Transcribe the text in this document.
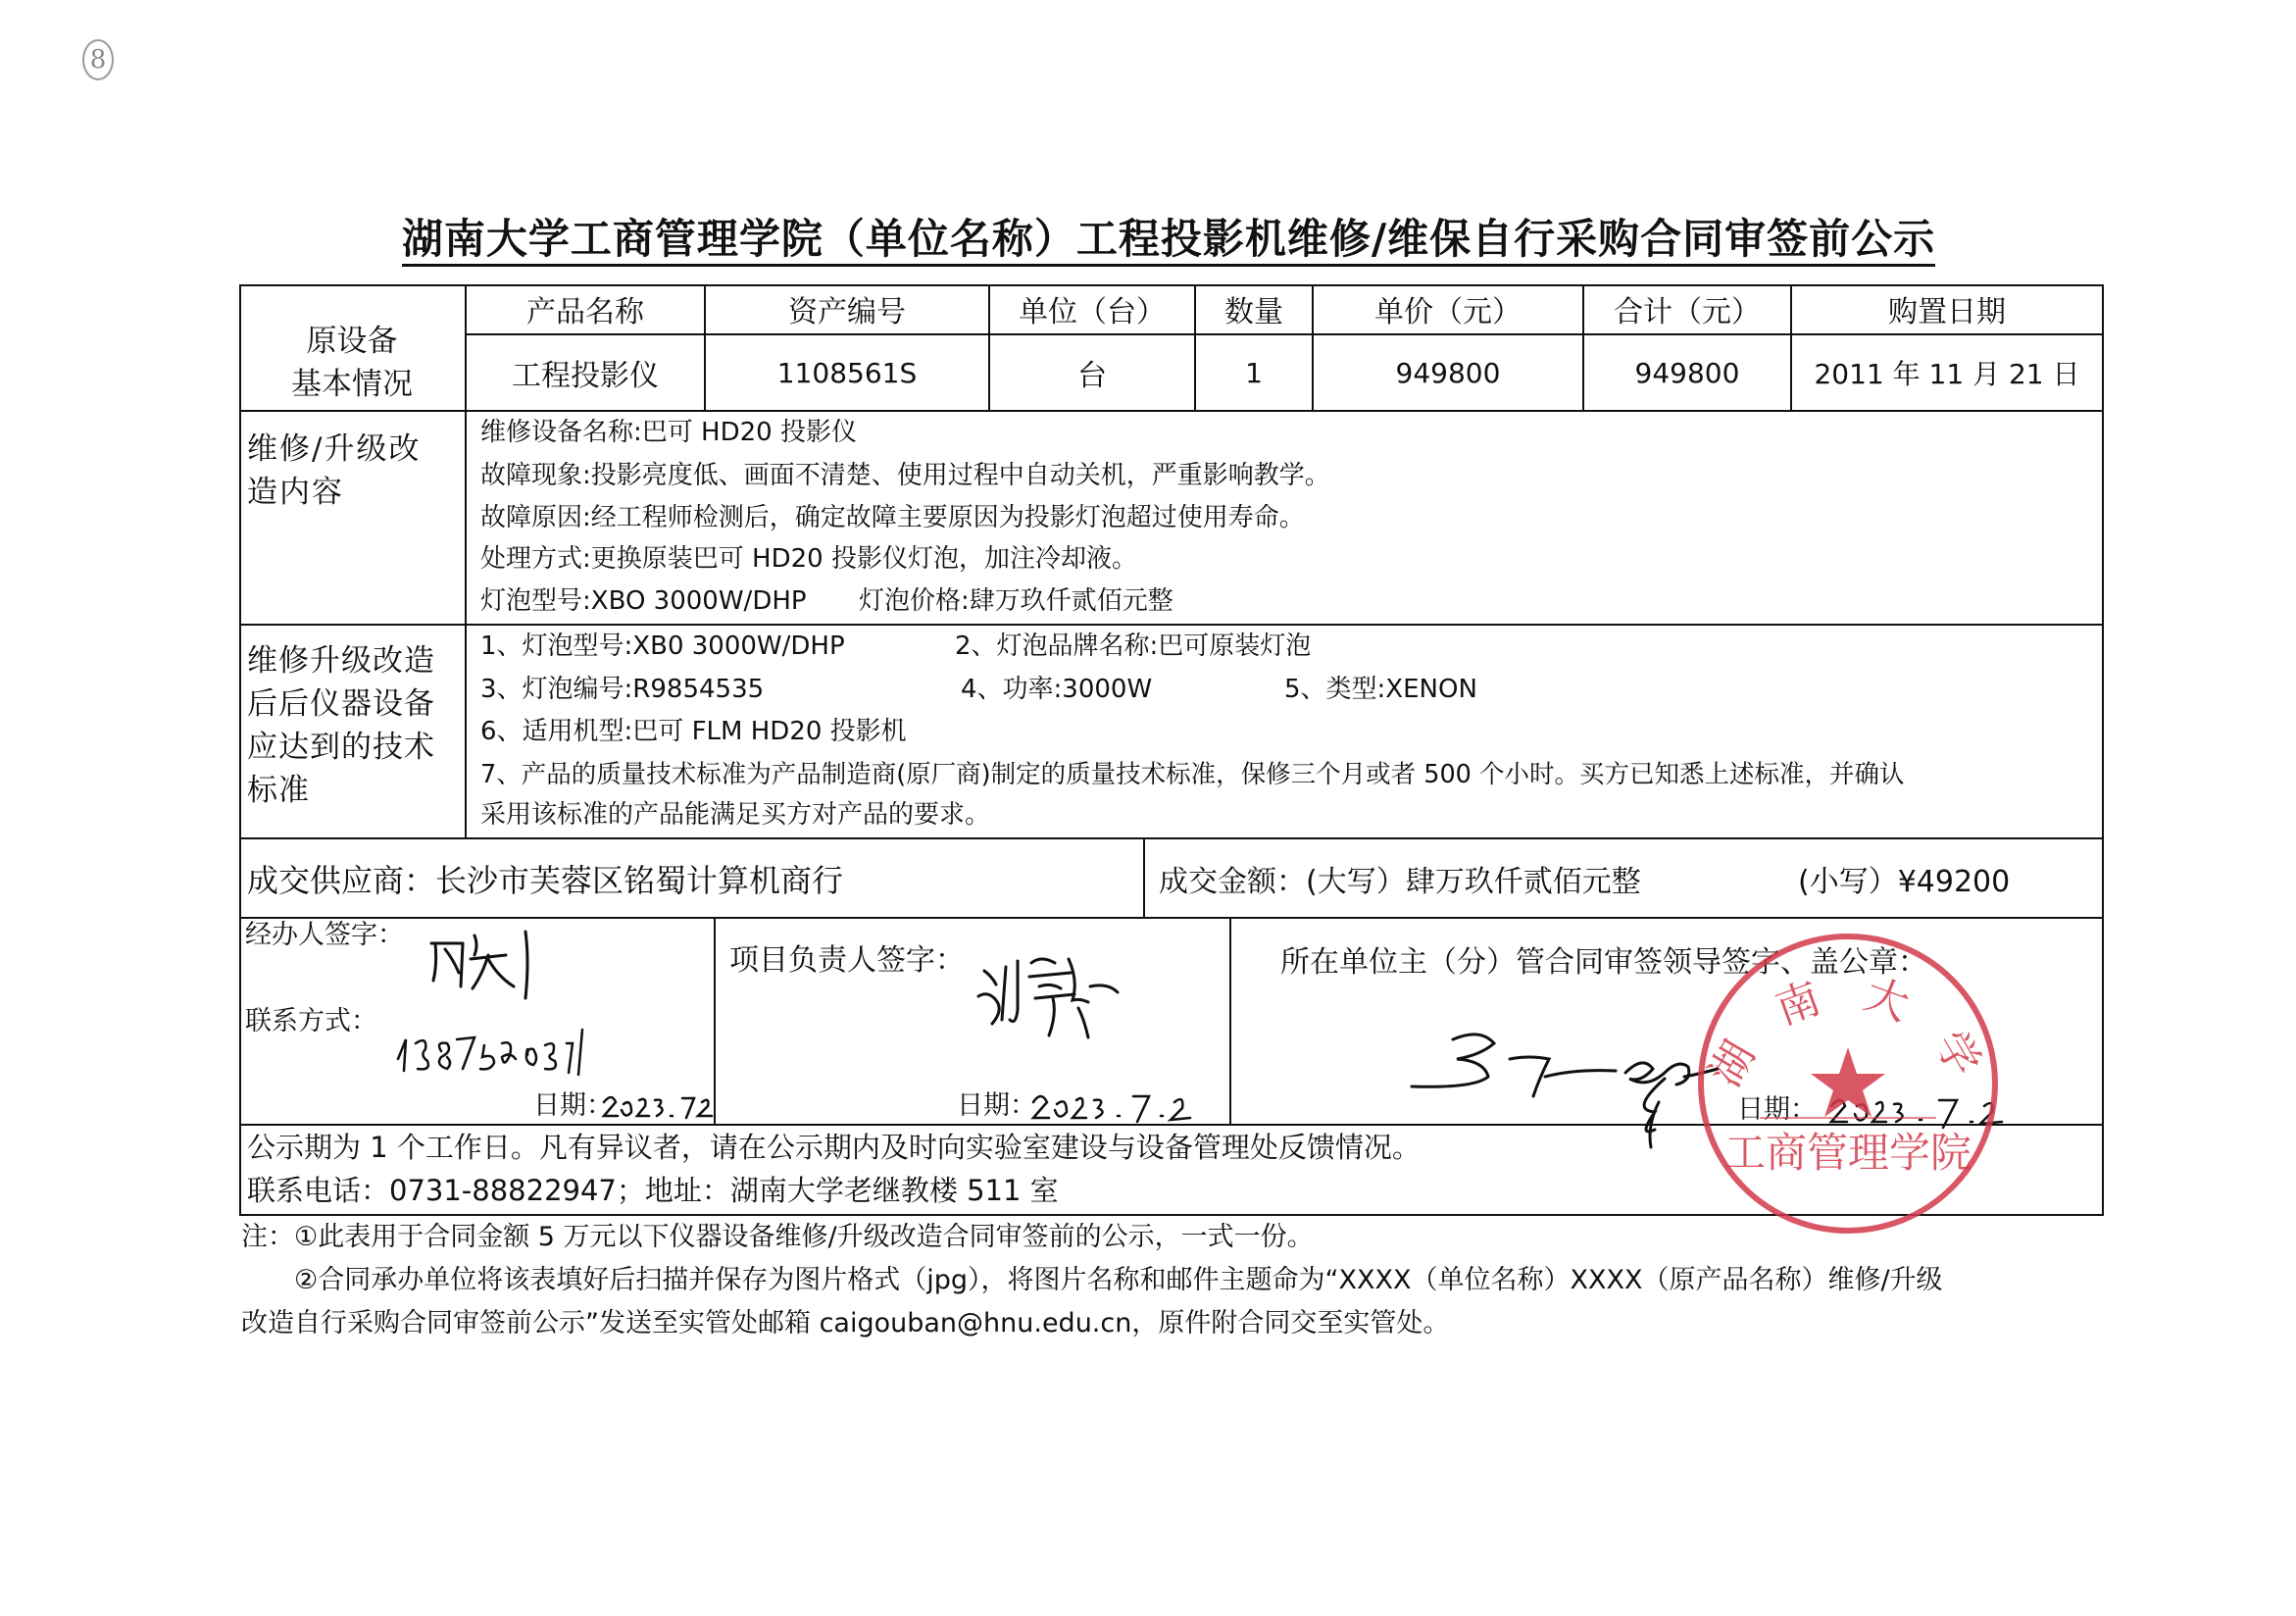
8
湖南大学工商管理学院（单位名称）工程投影机维修/维保自行采购合同审签前公示
原设备
基本情况
产品名称	资产编号	单位（台）	数量	单价（元）	合计（元）	购置日期
工程投影仪	1108561S	台	1	949800	949800	2011 年 11 月 21 日
维修/升级改
造内容
维修设备名称:巴可 HD20 投影仪
故障现象:投影亮度低、画面不清楚、使用过程中自动关机，严重影响教学。
故障原因:经工程师检测后，确定故障主要原因为投影灯泡超过使用寿命。
处理方式:更换原装巴可 HD20 投影仪灯泡，加注冷却液。
灯泡型号:XBO 3000W/DHP 灯泡价格:肆万玖仟贰佰元整
维修升级改造
后后仪器设备
应达到的技术
标准
1、灯泡型号:XB0 3000W/DHP	2、灯泡品牌名称:巴可原装灯泡
3、灯泡编号:R9854535	4、功率:3000W	5、类型:XENON
6、适用机型:巴可 FLM HD20 投影机
7、产品的质量技术标准为产品制造商(原厂商)制定的质量技术标准，保修三个月或者 500 个小时。买方已知悉上述标准，并确认
采用该标准的产品能满足买方对产品的要求。
成交供应商：长沙市芙蓉区铭蜀计算机商行	成交金额：(大写）肆万玖仟贰佰元整	(小写）¥49200
经办人签字：
联系方式：
日期：
项目负责人签字：
日期：
所在单位主（分）管合同审签领导签字、盖公章：
日期：
湖 南 大 学
工商管理学院
公示期为 1 个工作日。凡有异议者，请在公示期内及时向实验室建设与设备管理处反馈情况。
联系电话：0731-88822947；地址：湖南大学老继教楼 511 室
注：①此表用于合同金额 5 万元以下仪器设备维修/升级改造合同审签前的公示，一式一份。
②合同承办单位将该表填好后扫描并保存为图片格式（jpg），将图片名称和邮件主题命为“XXXX（单位名称）XXXX（原产品名称）维修/升级
改造自行采购合同审签前公示”发送至实管处邮箱 caigouban@hnu.edu.cn，原件附合同交至实管处。
